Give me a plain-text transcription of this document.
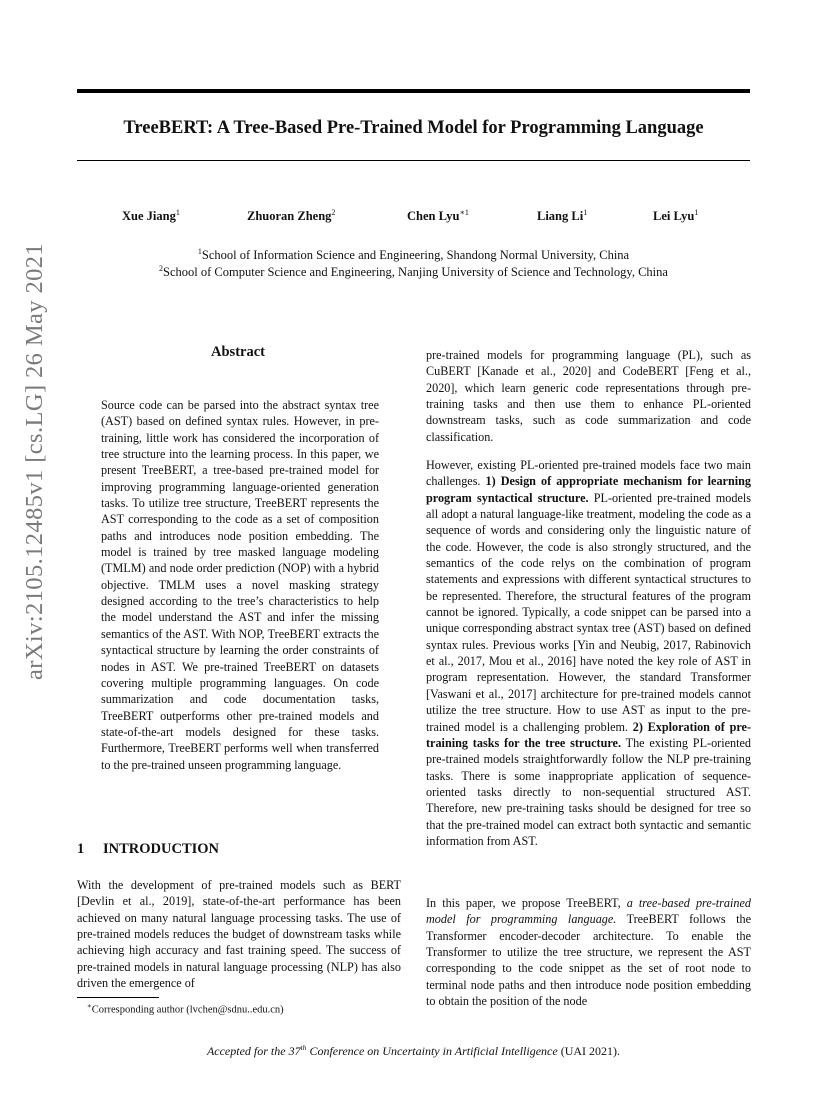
arXiv:2105.12485v1 [cs.LG] 26 May 2021
TreeBERT: A Tree-Based Pre-Trained Model for Programming Language
Xue Jiang$^1$	Zhuoran Zheng$^2$	Chen Lyu$^{∗1}$	Liang Li$^1$	Lei Lyu$^1$
$^1$School of Information Science and Engineering, Shandong Normal University, China
$^2$School of Computer Science and Engineering, Nanjing University of Science and Technology, China
Abstract
Source code can be parsed into the abstract syntax tree (AST) based on defined syntax rules. However, in pre-training, little work has considered the incorporation of tree structure into the learning process. In this paper, we present TreeBERT, a tree-based pre-trained model for improving programming language-oriented generation tasks. To utilize tree structure, TreeBERT represents the AST corresponding to the code as a set of composition paths and introduces node position embedding. The model is trained by tree masked language modeling (TMLM) and node order prediction (NOP) with a hybrid objective. TMLM uses a novel masking strategy designed according to the tree’s characteristics to help the model understand the AST and infer the missing semantics of the AST. With NOP, TreeBERT extracts the syntactical structure by learning the order constraints of nodes in AST. We pre-trained TreeBERT on datasets covering multiple programming languages. On code summarization and code documentation tasks, TreeBERT outperforms other pre-trained models and state-of-the-art models designed for these tasks. Furthermore, TreeBERT performs well when transferred to the pre-trained unseen programming language.
1 INTRODUCTION
With the development of pre-trained models such as BERT [Devlin et al., 2019], state-of-the-art performance has been achieved on many natural language processing tasks. The use of pre-trained models reduces the budget of downstream tasks while achieving high accuracy and fast training speed. The success of pre-trained models in natural language processing (NLP) has also driven the emergence of
∗Corresponding author (lvchen@sdnu..edu.cn)

pre-trained models for programming language (PL), such as CuBERT [Kanade et al., 2020] and CodeBERT [Feng et al., 2020], which learn generic code representations through pre-training tasks and then use them to enhance PL-oriented downstream tasks, such as code summarization and code classification.

However, existing PL-oriented pre-trained models face two main challenges. 1) Design of appropriate mechanism for learning program syntactical structure. PL-oriented pre-trained models all adopt a natural language-like treatment, modeling the code as a sequence of words and considering only the linguistic nature of the code. However, the code is also strongly structured, and the semantics of the code relys on the combination of program statements and expressions with different syntactical structures to be represented. Therefore, the structural features of the program cannot be ignored. Typically, a code snippet can be parsed into a unique corresponding abstract syntax tree (AST) based on defined syntax rules. Previous works [Yin and Neubig, 2017, Rabinovich et al., 2017, Mou et al., 2016] have noted the key role of AST in program representation. However, the standard Transformer [Vaswani et al., 2017] architecture for pre-trained models cannot utilize the tree structure. How to use AST as input to the pre-trained model is a challenging problem. 2) Exploration of pre-training tasks for the tree structure. The existing PL-oriented pre-trained models straightforwardly follow the NLP pre-training tasks. There is some inappropriate application of sequence-oriented tasks directly to non-sequential structured AST. Therefore, new pre-training tasks should be designed for tree so that the pre-trained model can extract both syntactic and semantic information from AST.

In this paper, we propose TreeBERT, a tree-based pre-trained model for programming language. TreeBERT follows the Transformer encoder-decoder architecture. To enable the Transformer to utilize the tree structure, we represent the AST corresponding to the code snippet as the set of root node to terminal node paths and then introduce node position embedding to obtain the position of the node

Accepted for the 37th Conference on Uncertainty in Artificial Intelligence (UAI 2021).
